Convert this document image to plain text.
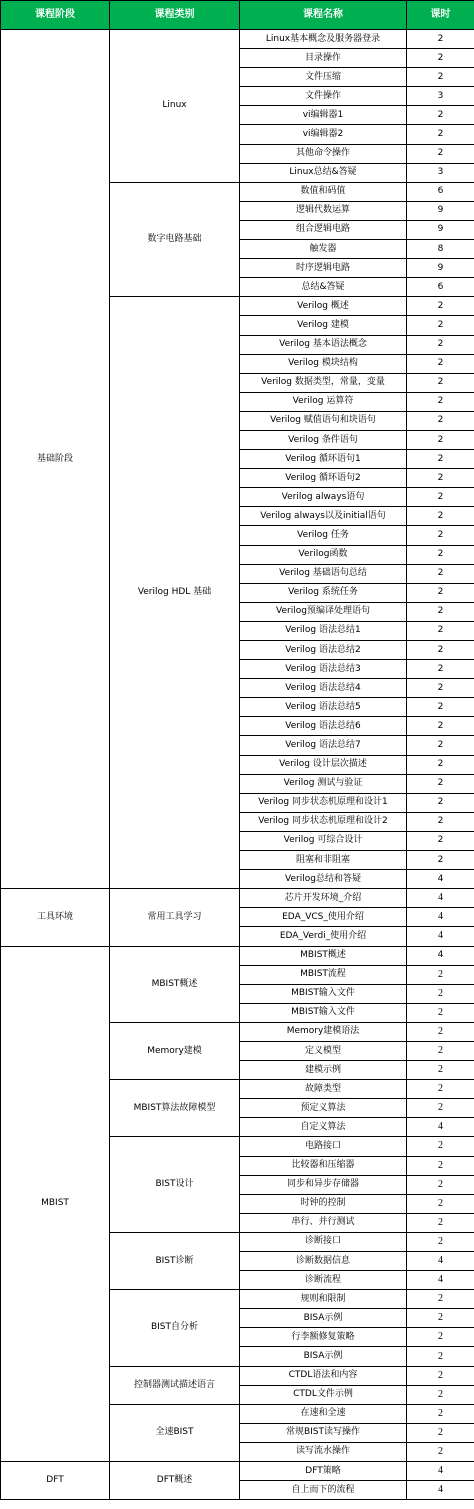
课程阶段	课程类别	课程名称	课时
基础阶段	Linux	Linux基本概念及服务器登录	2
		目录操作	2
		文件压缩	2
		文件操作	3
		vi编辑器1	2
		vi编辑器2	2
		其他命令操作	2
		Linux总结&答疑	3
	数字电路基础	数值和码值	6
		逻辑代数运算	9
		组合逻辑电路	9
		触发器	8
		时序逻辑电路	9
		总结&答疑	6
	Verilog HDL 基础	Verilog 概述	2
		Verilog 建模	2
		Verilog 基本语法概念	2
		Verilog 模块结构	2
		Verilog 数据类型，常量，变量	2
		Verilog 运算符	2
		Verilog 赋值语句和块语句	2
		Verilog 条件语句	2
		Verilog 循环语句1	2
		Verilog 循环语句2	2
		Verilog always语句	2
		Verilog always以及initial语句	2
		Verilog 任务	2
		Verilog函数	2
		Verilog 基础语句总结	2
		Verilog 系统任务	2
		Verilog预编译处理语句	2
		Verilog 语法总结1	2
		Verilog 语法总结2	2
		Verilog 语法总结3	2
		Verilog 语法总结4	2
		Verilog 语法总结5	2
		Verilog 语法总结6	2
		Verilog 语法总结7	2
		Verilog 设计层次描述	2
		Verilog 测试与验证	2
		Verilog 同步状态机原理和设计1	2
		Verilog 同步状态机原理和设计2	2
		Verilog 可综合设计	2
		阻塞和非阻塞	2
		Verilog总结和答疑	4
工具环境	常用工具学习	芯片开发环境_介绍	4
		EDA_VCS_使用介绍	4
		EDA_Verdi_使用介绍	4
MBIST	MBIST概述	MBIST概述	4
		MBIST流程	2
		MBIST输入文件	2
		MBIST输入文件	2
	Memory建模	Memory建模语法	2
		定义模型	2
		建模示例	2
	MBIST算法故障模型	故障类型	2
		预定义算法	2
		自定义算法	4
	BIST设计	电路接口	2
		比较器和压缩器	2
		同步和异步存储器	2
		时钟的控制	2
		串行、并行测试	2
	BIST诊断	诊断接口	2
		诊断数据信息	4
		诊断流程	4
	BIST自分析	规则和限制	2
		BISA示例	2
		行李额修复策略	2
		BISA示例	2
	控制器测试描述语言	CTDL语法和内容	2
		CTDL文件示例	2
	全速BIST	在速和全速	2
		常规BIST读写操作	2
		读写流水操作	2
DFT	DFT概述	DFT策略	4
		自上而下的流程	4
